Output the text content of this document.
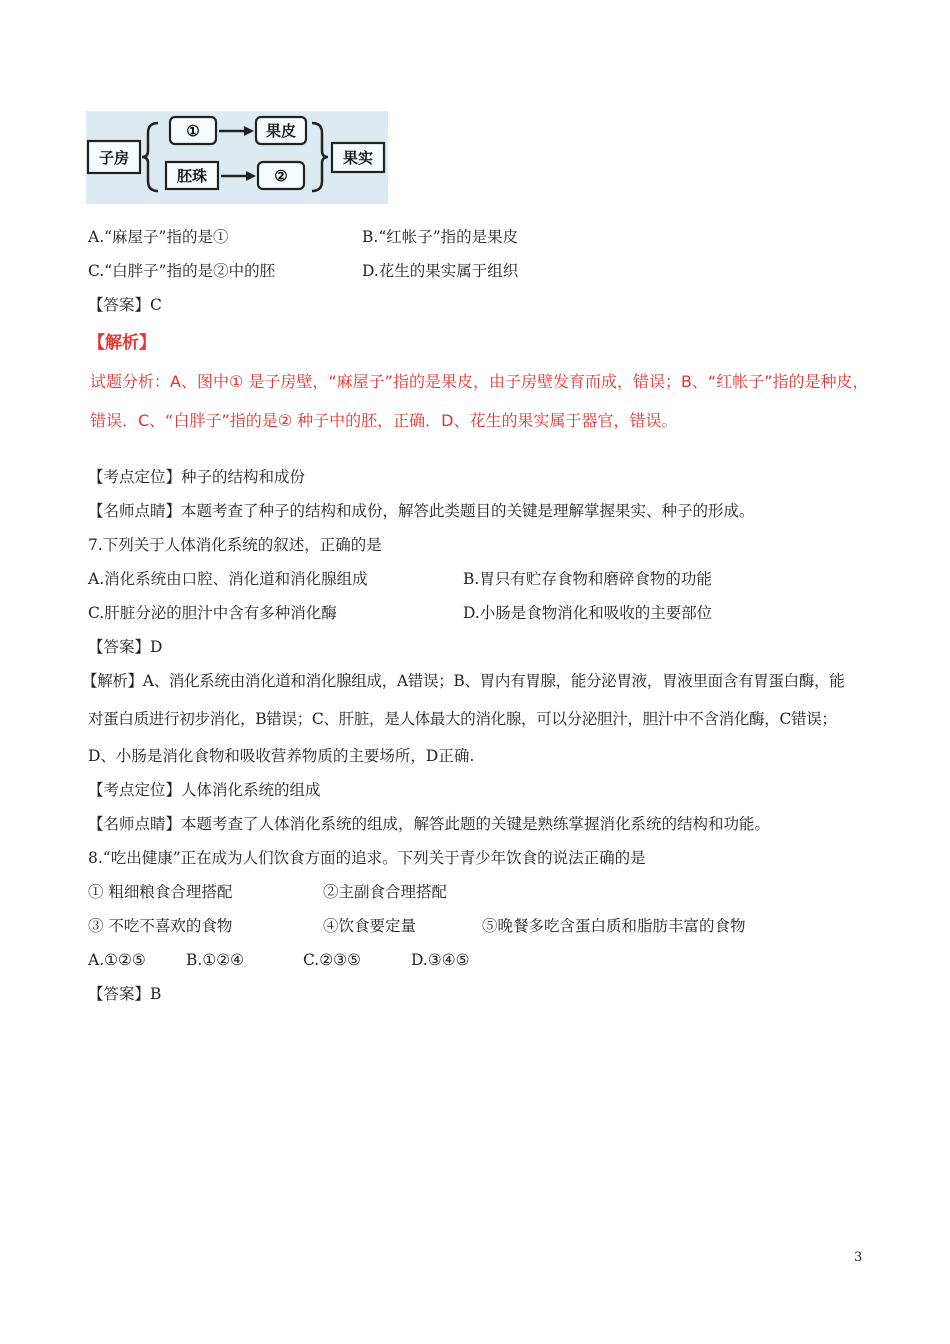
子房
①	果皮
胚珠	②
果实
A.“麻屋子”指的是①	B.“红帐子”指的是果皮
C.“白胖子”指的是②中的胚	D.花生的果实属于组织
【答案】C
【解析】
试题分析：A、图中① 是子房壁，“麻屋子”指的是果皮，由子房壁发育而成，错误；B、“红帐子”指的是种皮，
错误．C、“白胖子”指的是② 种子中的胚，正确．D、花生的果实属于器官，错误。
【考点定位】种子的结构和成份
【名师点睛】本题考查了种子的结构和成份，解答此类题目的关键是理解掌握果实、种子的形成。
7.下列关于人体消化系统的叙述，正确的是
A.消化系统由口腔、消化道和消化腺组成	B.胃只有贮存食物和磨碎食物的功能
C.肝脏分泌的胆汁中含有多种消化酶	D.小肠是食物消化和吸收的主要部位
【答案】D
【解析】A、消化系统由消化道和消化腺组成，A错误；B、胃内有胃腺，能分泌胃液，胃液里面含有胃蛋白酶，能
对蛋白质进行初步消化，B错误；C、肝脏，是人体最大的消化腺，可以分泌胆汁，胆汁中不含消化酶，C错误；
D、小肠是消化食物和吸收营养物质的主要场所，D正确.
【考点定位】人体消化系统的组成
【名师点睛】本题考查了人体消化系统的组成，解答此题的关键是熟练掌握消化系统的结构和功能。
8.“吃出健康”正在成为人们饮食方面的追求。下列关于青少年饮食的说法正确的是
① 粗细粮食合理搭配	②主副食合理搭配
③ 不吃不喜欢的食物	④饮食要定量	⑤晚餐多吃含蛋白质和脂肪丰富的食物
A.①②⑤	B.①②④	C.②③⑤	D.③④⑤
【答案】B
3
